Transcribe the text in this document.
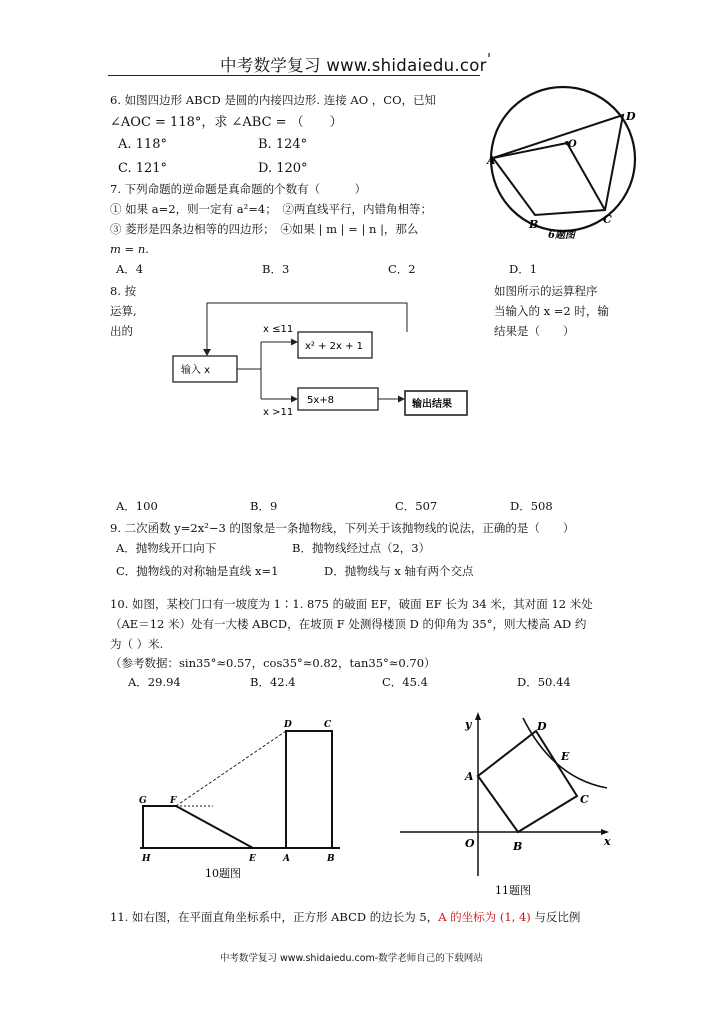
中考数学复习 www.shidaiedu.cor '
6. 如图四边形 ABCD 是圆的内接四边形. 连接 AO ，CO，已知
∠AOC = 118°，求 ∠ABC = （　　）
A. 118°	B. 124°
C. 121°	D. 120°
A
D
O
B	C
6题图
7. 下列命题的逆命题是真命题的个数有（　　　）
① 如果 a=2，则一定有 a²=4；　②两直线平行，内错角相等；
③ 菱形是四条边相等的四边形；　④如果 | m | = | n |，那么
m = n.
A．4	B．3	C．2	D．1
8. 按
运算,
出的
如图所示的运算程序
当输入的 x =2 时，输
结果是（　　）
输入 x
x ≤11
x >11
x² + 2x + 1
5x+8	输出结果
A．100	B．9	C．507	D．508
9. 二次函数 y=2x²−3 的图象是一条抛物线，下列关于该抛物线的说法，正确的是（　　）
A．抛物线开口向下	B．抛物线经过点（2，3）
C．抛物线的对称轴是直线 x=1	D．抛物线与 x 轴有两个交点
10. 如图，某校门口有一坡度为 1∶1. 875 的破面 EF，破面 EF 长为 34 米，其对面 12 米处
（AE＝12 米）处有一大楼 ABCD，在坡顶 F 处测得楼顶 D 的仰角为 35°，则大楼高 AD 约
为（ ）米.
（参考数据：sin35°≈0.57，cos35°≈0.82，tan35°≈0.70）
A．29.94	B．42.4	C．45.4	D．50.44
G	F
H	E	A	B
D	C
10题图
x
y
O
A
B
C
D
E
11题图
11. 如右图，在平面直角坐标系中，正方形 ABCD 的边长为 5，A 的坐标为 (1, 4) 与反比例
中考数学复习 www.shidaiedu.com-数学老师自己的下载网站
